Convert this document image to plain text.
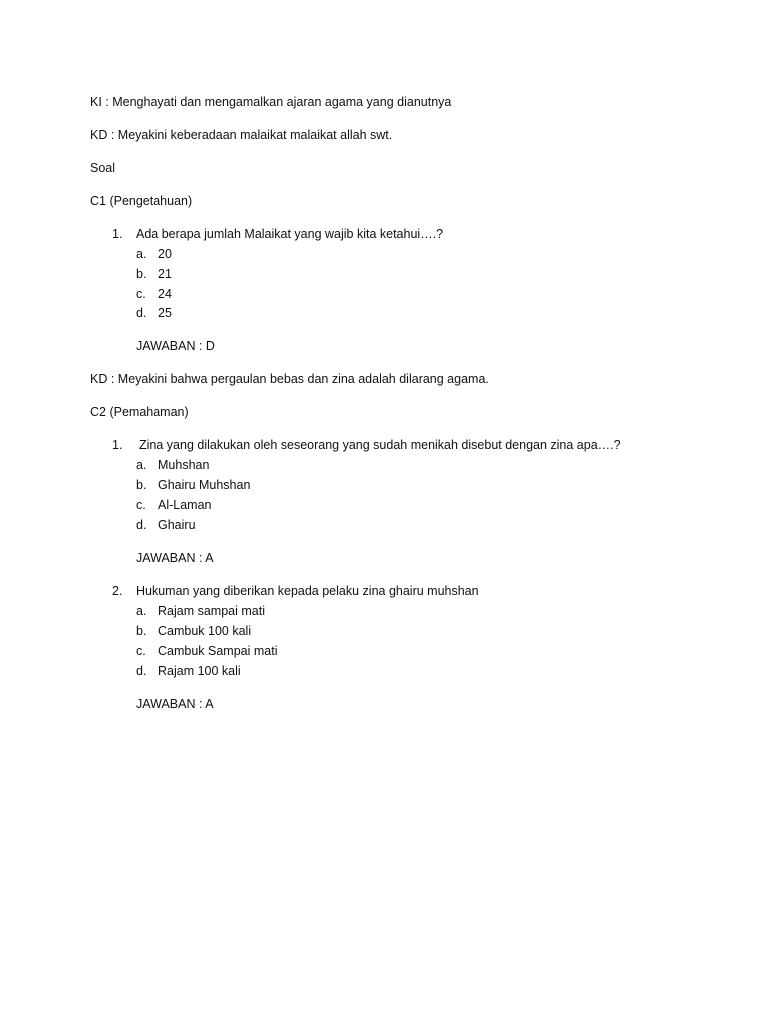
KI : Menghayati dan mengamalkan ajaran agama yang dianutnya
KD : Meyakini keberadaan malaikat malaikat allah swt.
Soal
C1 (Pengetahuan)
1. Ada berapa jumlah Malaikat yang wajib kita ketahui….?
a. 20
b. 21
c. 24
d. 25
JAWABAN : D
KD : Meyakini bahwa pergaulan bebas dan zina adalah dilarang agama.
C2 (Pemahaman)
1. Zina yang dilakukan oleh seseorang yang sudah menikah disebut dengan zina apa….?
a. Muhshan
b. Ghairu Muhshan
c. Al-Laman
d. Ghairu
JAWABAN : A
2. Hukuman yang diberikan kepada pelaku zina ghairu muhshan
a. Rajam sampai mati
b. Cambuk 100 kali
c. Cambuk Sampai mati
d. Rajam 100 kali
JAWABAN : A
